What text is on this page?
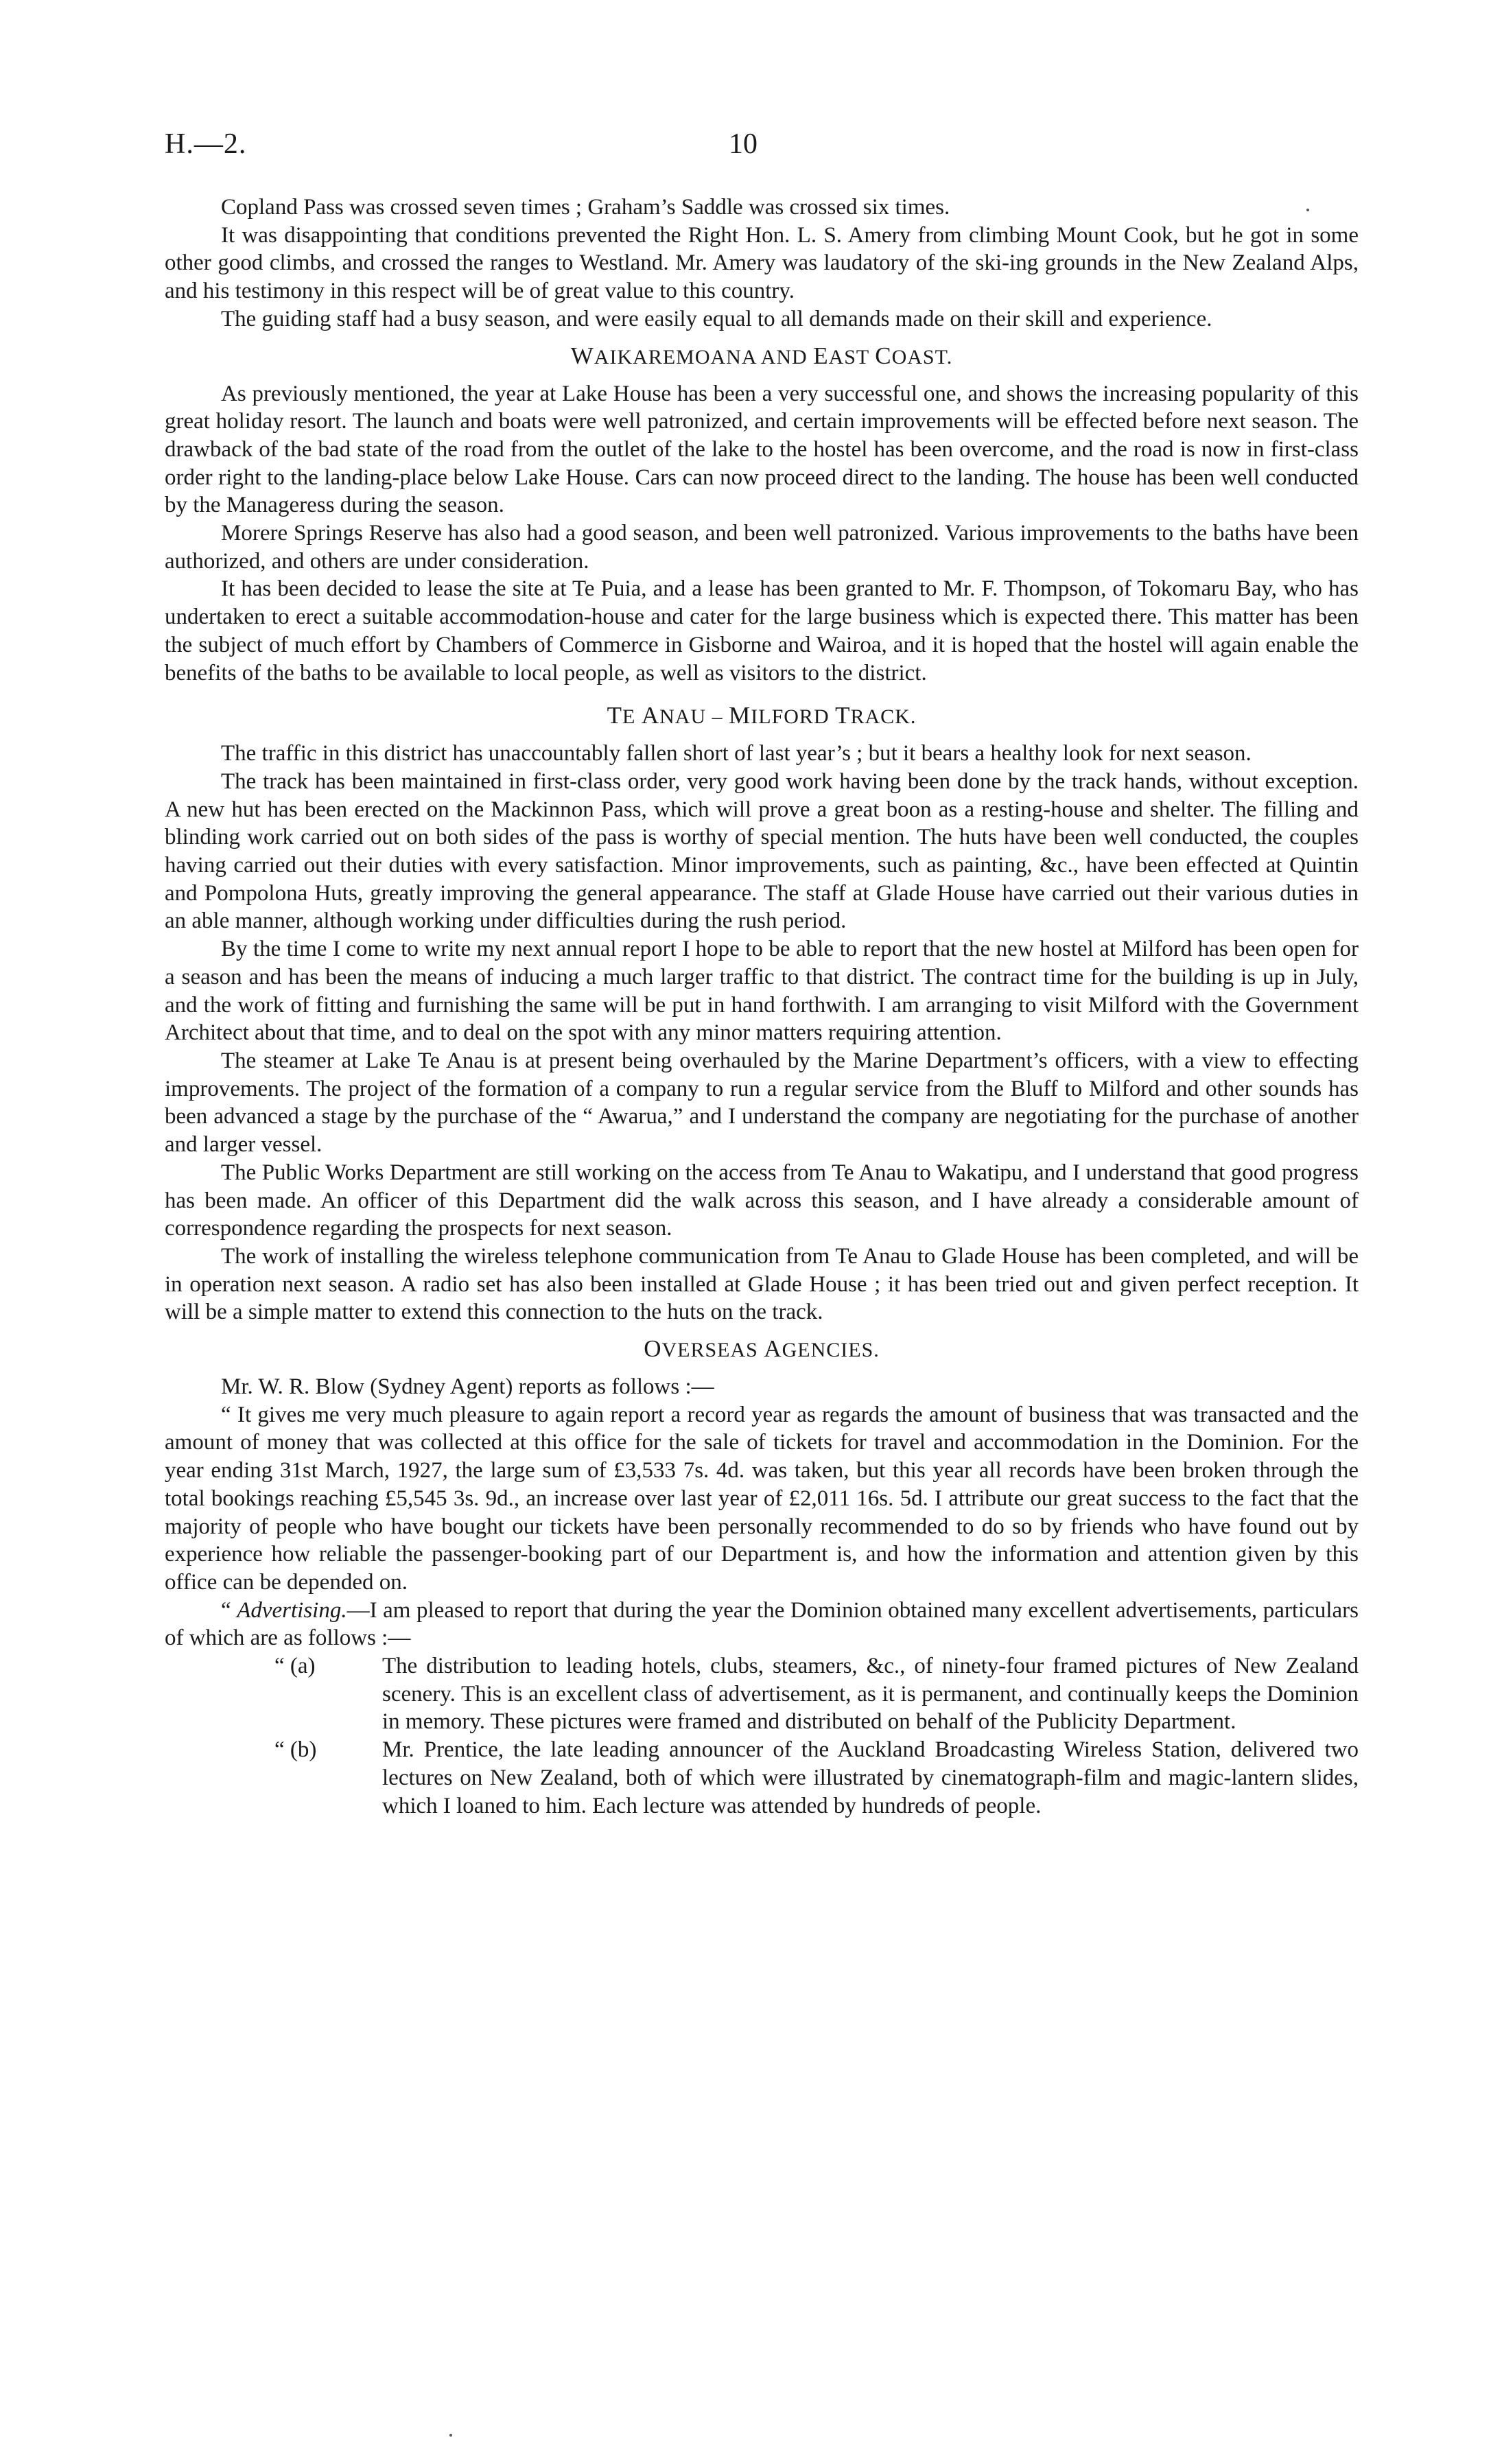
H.—2.	10

Copland Pass was crossed seven times ; Graham’s Saddle was crossed six times.

It was disappointing that conditions prevented the Right Hon. L. S. Amery from climbing Mount Cook, but he got in some other good climbs, and crossed the ranges to Westland. Mr. Amery was laudatory of the ski-ing grounds in the New Zealand Alps, and his testimony in this respect will be of great value to this country.

The guiding staff had a busy season, and were easily equal to all demands made on their skill and experience.

WAIKAREMOANA AND EAST COAST.

As previously mentioned, the year at Lake House has been a very successful one, and shows the increasing popularity of this great holiday resort. The launch and boats were well patronized, and certain improvements will be effected before next season. The drawback of the bad state of the road from the outlet of the lake to the hostel has been overcome, and the road is now in first-class order right to the landing-place below Lake House. Cars can now proceed direct to the landing. The house has been well conducted by the Manageress during the season.

Morere Springs Reserve has also had a good season, and been well patronized. Various improvements to the baths have been authorized, and others are under consideration.

It has been decided to lease the site at Te Puia, and a lease has been granted to Mr. F. Thompson, of Tokomaru Bay, who has undertaken to erect a suitable accommodation-house and cater for the large business which is expected there. This matter has been the subject of much effort by Chambers of Commerce in Gisborne and Wairoa, and it is hoped that the hostel will again enable the benefits of the baths to be available to local people, as well as visitors to the district.

TE ANAU – MILFORD TRACK.

The traffic in this district has unaccountably fallen short of last year’s ; but it bears a healthy look for next season.

The track has been maintained in first-class order, very good work having been done by the track hands, without exception. A new hut has been erected on the Mackinnon Pass, which will prove a great boon as a resting-house and shelter. The filling and blinding work carried out on both sides of the pass is worthy of special mention. The huts have been well conducted, the couples having carried out their duties with every satisfaction. Minor improvements, such as painting, &c., have been effected at Quintin and Pompolona Huts, greatly improving the general appearance. The staff at Glade House have carried out their various duties in an able manner, although working under difficulties during the rush period.

By the time I come to write my next annual report I hope to be able to report that the new hostel at Milford has been open for a season and has been the means of inducing a much larger traffic to that district. The contract time for the building is up in July, and the work of fitting and furnishing the same will be put in hand forthwith. I am arranging to visit Milford with the Government Architect about that time, and to deal on the spot with any minor matters requiring attention.

The steamer at Lake Te Anau is at present being overhauled by the Marine Department’s officers, with a view to effecting improvements. The project of the formation of a company to run a regular service from the Bluff to Milford and other sounds has been advanced a stage by the purchase of the “ Awarua,” and I understand the company are negotiating for the purchase of another and larger vessel.

The Public Works Department are still working on the access from Te Anau to Wakatipu, and I understand that good progress has been made. An officer of this Department did the walk across this season, and I have already a considerable amount of correspondence regarding the prospects for next season.

The work of installing the wireless telephone communication from Te Anau to Glade House has been completed, and will be in operation next season. A radio set has also been installed at Glade House ; it has been tried out and given perfect reception. It will be a simple matter to extend this connection to the huts on the track.

OVERSEAS AGENCIES.

Mr. W. R. Blow (Sydney Agent) reports as follows :—

“ It gives me very much pleasure to again report a record year as regards the amount of business that was transacted and the amount of money that was collected at this office for the sale of tickets for travel and accommodation in the Dominion. For the year ending 31st March, 1927, the large sum of £3,533 7s. 4d. was taken, but this year all records have been broken through the total bookings reaching £5,545 3s. 9d., an increase over last year of £2,011 16s. 5d. I attribute our great success to the fact that the majority of people who have bought our tickets have been personally recommended to do so by friends who have found out by experience how reliable the passenger-booking part of our Department is, and how the information and attention given by this office can be depended on.

“ Advertising.—I am pleased to report that during the year the Dominion obtained many excellent advertisements, particulars of which are as follows :—

“ (a)	The distribution to leading hotels, clubs, steamers, &c., of ninety-four framed pictures of New Zealand scenery. This is an excellent class of advertisement, as it is permanent, and continually keeps the Dominion in memory. These pictures were framed and distributed on behalf of the Publicity Department.

“ (b)	Mr. Prentice, the late leading announcer of the Auckland Broadcasting Wireless Station, delivered two lectures on New Zealand, both of which were illustrated by cinematograph-film and magic-lantern slides, which I loaned to him. Each lecture was attended by hundreds of people.
